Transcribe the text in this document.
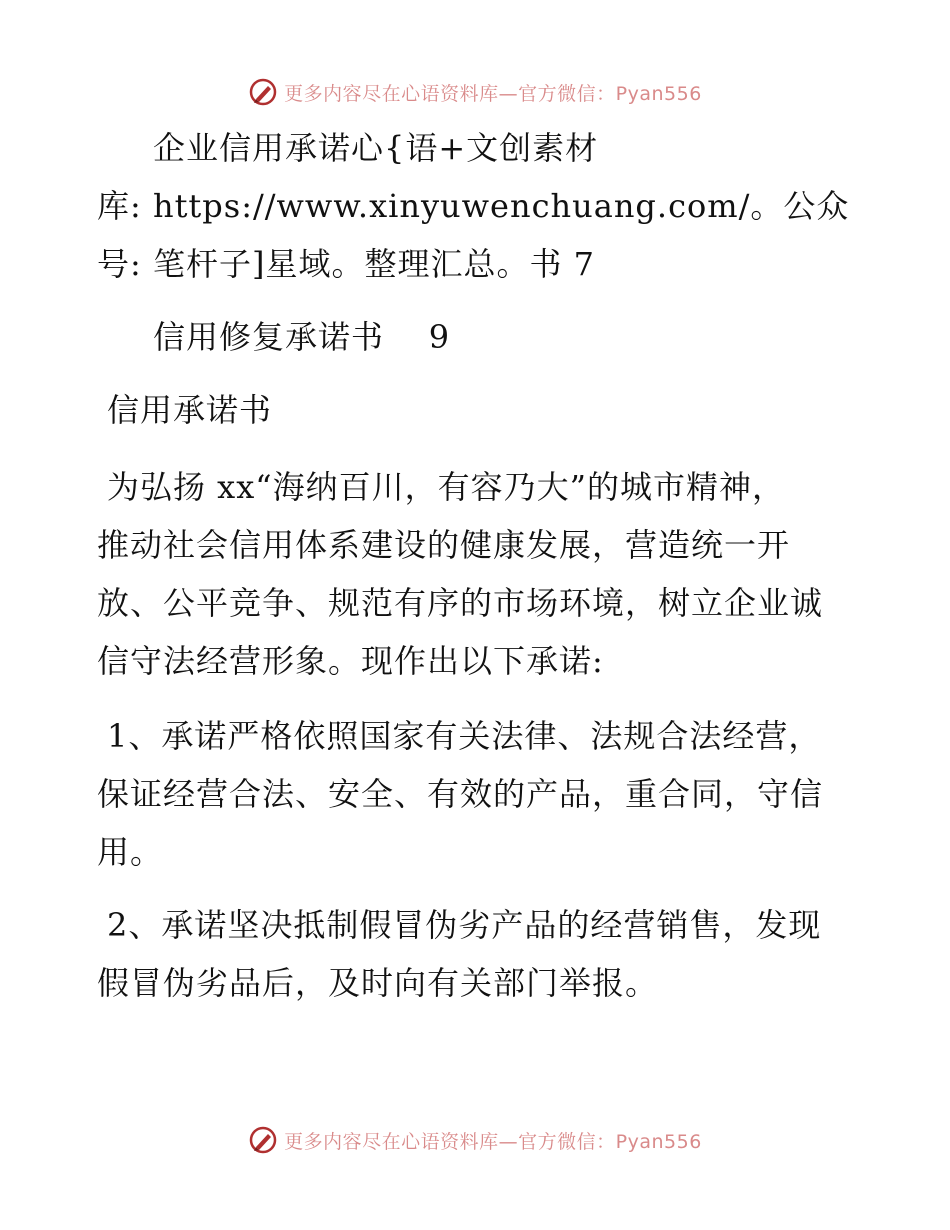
更多内容尽在心语资料库—官方微信：Pyan556
企业信用承诺心{语+文创素材
库: https://www.xinyuwenchuang.com/。公众
号: 笔杆子]星域。整理汇总。书 7
信用修复承诺书    9
信用承诺书
为弘扬 xx“海纳百川，有容乃大”的城市精神，
推动社会信用体系建设的健康发展，营造统一开
放、公平竞争、规范有序的市场环境，树立企业诚
信守法经营形象。现作出以下承诺:
1、承诺严格依照国家有关法律、法规合法经营，
保证经营合法、安全、有效的产品，重合同，守信
用。
2、承诺坚决抵制假冒伪劣产品的经营销售，发现
假冒伪劣品后，及时向有关部门举报。
更多内容尽在心语资料库—官方微信：Pyan556
